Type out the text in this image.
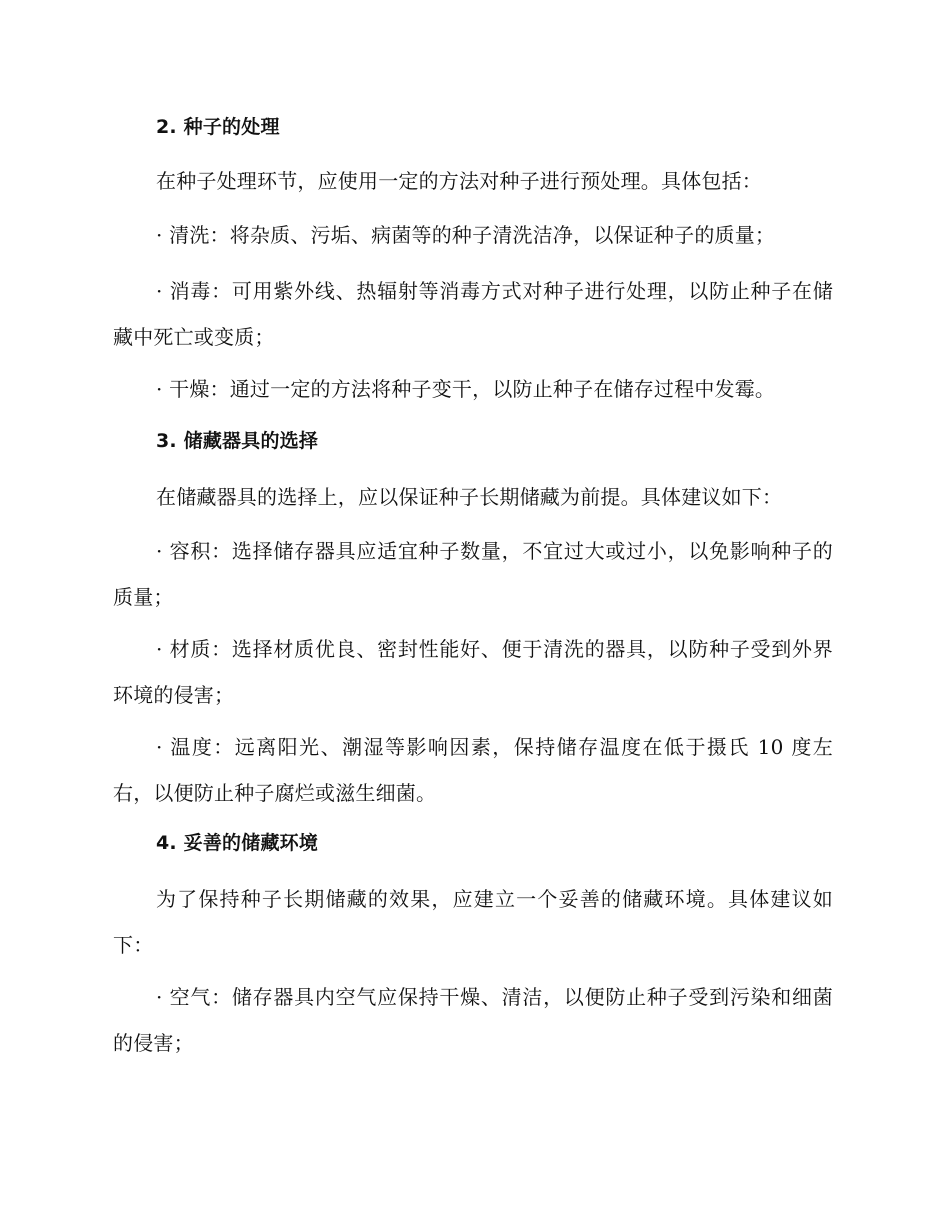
2. 种子的处理
在种子处理环节，应使用一定的方法对种子进行预处理。具体包括：
· 清洗：将杂质、污垢、病菌等的种子清洗洁净，以保证种子的质量；
· 消毒：可用紫外线、热辐射等消毒方式对种子进行处理，以防止种子在储藏中死亡或变质；
· 干燥：通过一定的方法将种子变干，以防止种子在储存过程中发霉。
3. 储藏器具的选择
在储藏器具的选择上，应以保证种子长期储藏为前提。具体建议如下：
· 容积：选择储存器具应适宜种子数量，不宜过大或过小，以免影响种子的质量；
· 材质：选择材质优良、密封性能好、便于清洗的器具，以防种子受到外界环境的侵害；
· 温度：远离阳光、潮湿等影响因素，保持储存温度在低于摄氏 10 度左右，以便防止种子腐烂或滋生细菌。
4. 妥善的储藏环境
为了保持种子长期储藏的效果，应建立一个妥善的储藏环境。具体建议如下：
· 空气：储存器具内空气应保持干燥、清洁，以便防止种子受到污染和细菌的侵害；
